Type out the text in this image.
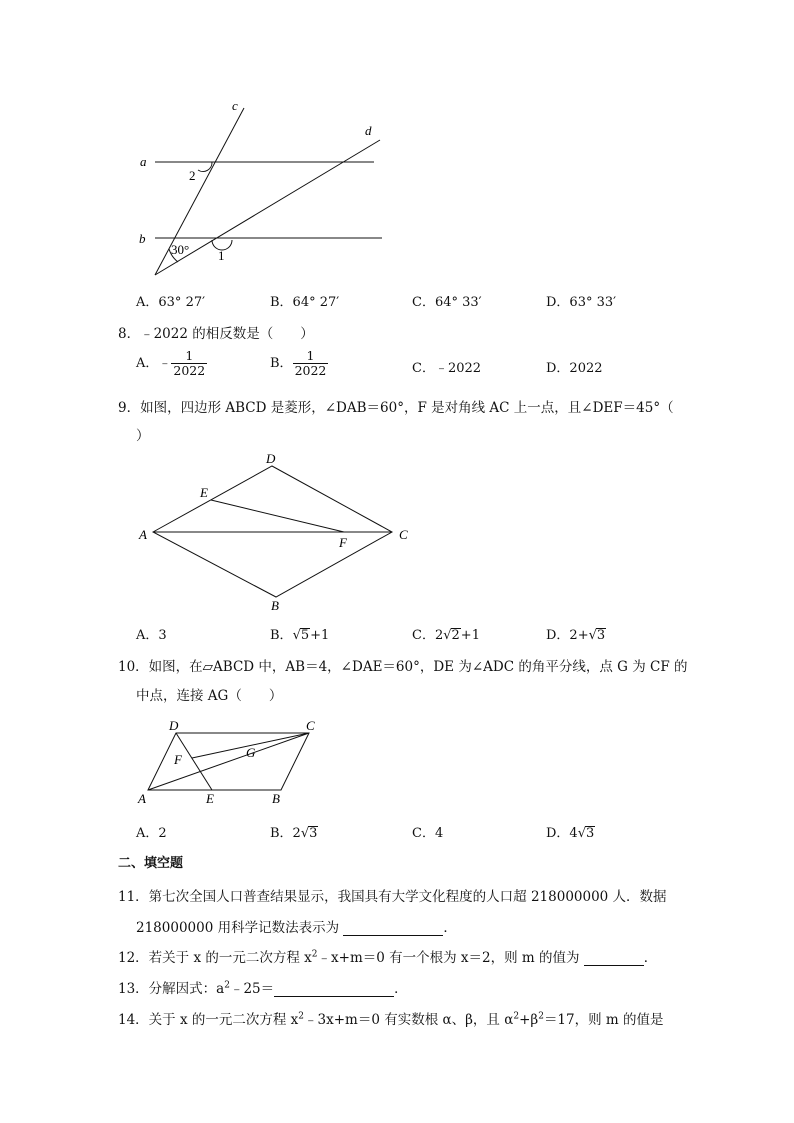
c
d
a
b
2
30° 1
A．63° 27′	B．64° 27′	C．64° 33′	D．63° 33′
8．﹣2022 的相反数是（　　）
A．﹣ $\frac{1}{2022}$	B． $\frac{1}{2022}$	C．﹣2022	D．2022
9．如图，四边形 ABCD 是菱形，∠DAB＝60°，F 是对角线 AC 上一点，且∠DEF＝45°（
）
D
E
A
F
C
B
A．3	B．√5+1	C．2√2+1	D．2+√3
10．如图，在▱ABCD 中，AB＝4，∠DAE＝60°，DE 为∠ADC 的角平分线，点 G 为 CF 的
中点，连接 AG（　　）
D	C
G
F
A	E	B
A．2	B．2√3	C．4	D．4√3
二、填空题
11．第七次全国人口普查结果显示，我国具有大学文化程度的人口超 218000000 人．数据
218000000 用科学记数法表示为	．
12．若关于 x 的一元二次方程 $x^2﹣x+m=0$ 有一个根为 x＝2，则 m 的值为	．
13．分解因式：$a^2﹣25=$	．
14．关于 x 的一元二次方程 $x^2﹣3x+m=0$ 有实数根 α、β，且 $\alpha^2+\beta^2=17$，则 m 的值是
